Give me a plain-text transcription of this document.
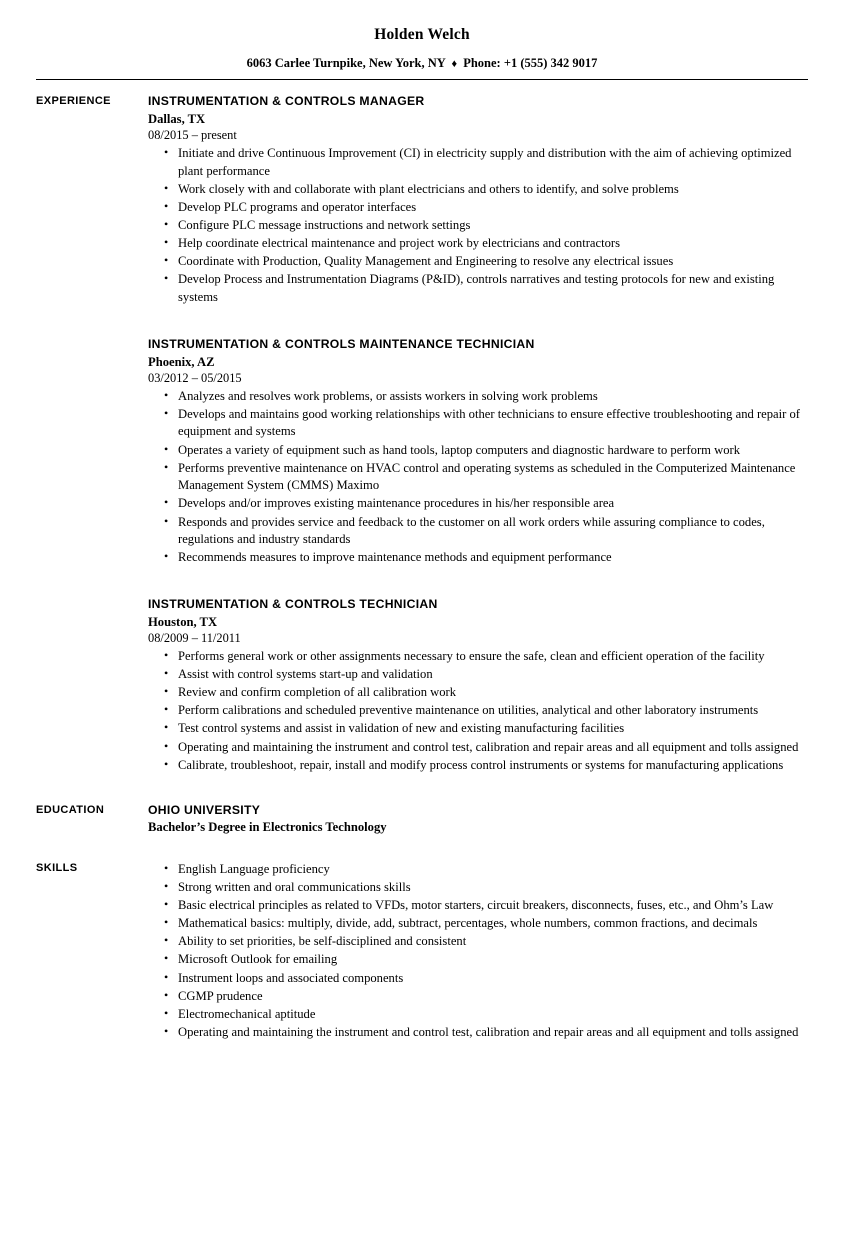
Holden Welch
6063 Carlee Turnpike, New York, NY ♦ Phone: +1 (555) 342 9017
EXPERIENCE	INSTRUMENTATION & CONTROLS MANAGER
Dallas, TX
08/2015 – present
• Initiate and drive Continuous Improvement (CI) in electricity supply and distribution with the aim of achieving optimized plant performance
• Work closely with and collaborate with plant electricians and others to identify, and solve problems
• Develop PLC programs and operator interfaces
• Configure PLC message instructions and network settings
• Help coordinate electrical maintenance and project work by electricians and contractors
• Coordinate with Production, Quality Management and Engineering to resolve any electrical issues
• Develop Process and Instrumentation Diagrams (P&ID), controls narratives and testing protocols for new and existing systems
INSTRUMENTATION & CONTROLS MAINTENANCE TECHNICIAN
Phoenix, AZ
03/2012 – 05/2015
• Analyzes and resolves work problems, or assists workers in solving work problems
• Develops and maintains good working relationships with other technicians to ensure effective troubleshooting and repair of equipment and systems
• Operates a variety of equipment such as hand tools, laptop computers and diagnostic hardware to perform work
• Performs preventive maintenance on HVAC control and operating systems as scheduled in the Computerized Maintenance Management System (CMMS) Maximo
• Develops and/or improves existing maintenance procedures in his/her responsible area
• Responds and provides service and feedback to the customer on all work orders while assuring compliance to codes, regulations and industry standards
• Recommends measures to improve maintenance methods and equipment performance
INSTRUMENTATION & CONTROLS TECHNICIAN
Houston, TX
08/2009 – 11/2011
• Performs general work or other assignments necessary to ensure the safe, clean and efficient operation of the facility
• Assist with control systems start-up and validation
• Review and confirm completion of all calibration work
• Perform calibrations and scheduled preventive maintenance on utilities, analytical and other laboratory instruments
• Test control systems and assist in validation of new and existing manufacturing facilities
• Operating and maintaining the instrument and control test, calibration and repair areas and all equipment and tolls assigned
• Calibrate, troubleshoot, repair, install and modify process control instruments or systems for manufacturing applications
EDUCATION	OHIO UNIVERSITY
Bachelor’s Degree in Electronics Technology
SKILLS	• English Language proficiency
• Strong written and oral communications skills
• Basic electrical principles as related to VFDs, motor starters, circuit breakers, disconnects, fuses, etc., and Ohm’s Law
• Mathematical basics: multiply, divide, add, subtract, percentages, whole numbers, common fractions, and decimals
• Ability to set priorities, be self-disciplined and consistent
• Microsoft Outlook for emailing
• Instrument loops and associated components
• CGMP prudence
• Electromechanical aptitude
• Operating and maintaining the instrument and control test, calibration and repair areas and all equipment and tolls assigned
